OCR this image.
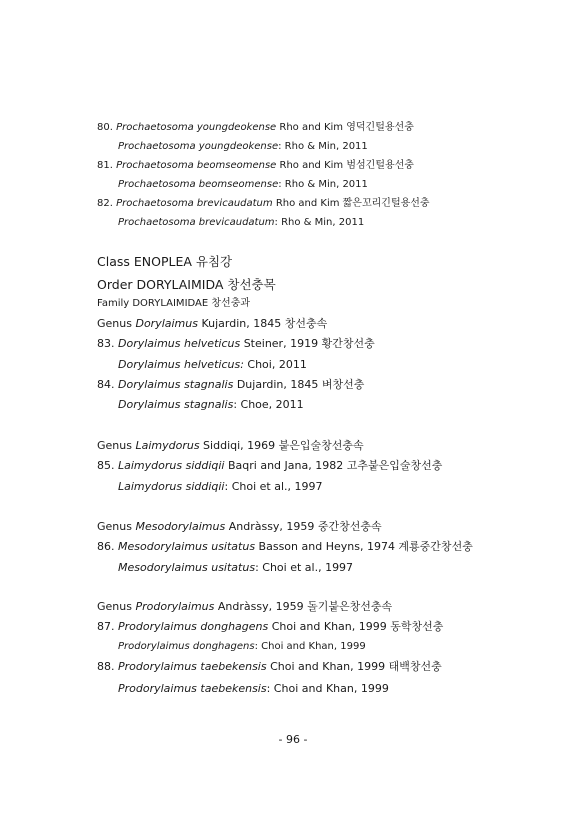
80. Prochaetosoma youngdeokense Rho and Kim 영덕긴털용선충
Prochaetosoma youngdeokense: Rho & Min, 2011
81. Prochaetosoma beomseomense Rho and Kim 범섬긴털용선충
Prochaetosoma beomseomense: Rho & Min, 2011
82. Prochaetosoma brevicaudatum Rho and Kim 짧은꼬리긴털용선충
Prochaetosoma brevicaudatum: Rho & Min, 2011
Class ENOPLEA 유침강
Order DORYLAIMIDA 창선충목
Family DORYLAIMIDAE 창선충과
Genus Dorylaimus Kujardin, 1845 창선충속
83. Dorylaimus helveticus Steiner, 1919 황간창선충
Dorylaimus helveticus: Choi, 2011
84. Dorylaimus stagnalis Dujardin, 1845 벼창선충
Dorylaimus stagnalis: Choe, 2011
Genus Laimydorus Siddiqi, 1969 붙은입술창선충속
85. Laimydorus siddiqii Baqri and Jana, 1982 고추붙은입술창선충
Laimydorus siddiqii: Choi et al., 1997
Genus Mesodorylaimus Andràssy, 1959 중간창선충속
86. Mesodorylaimus usitatus Basson and Heyns, 1974 계룡중간창선충
Mesodorylaimus usitatus: Choi et al., 1997
Genus Prodorylaimus Andràssy, 1959 돌기붙은창선충속
87. Prodorylaimus donghagens Choi and Khan, 1999 동학창선충
Prodorylaimus donghagens: Choi and Khan, 1999
88. Prodorylaimus taebekensis Choi and Khan, 1999 태백창선충
Prodorylaimus taebekensis: Choi and Khan, 1999
- 96 -
